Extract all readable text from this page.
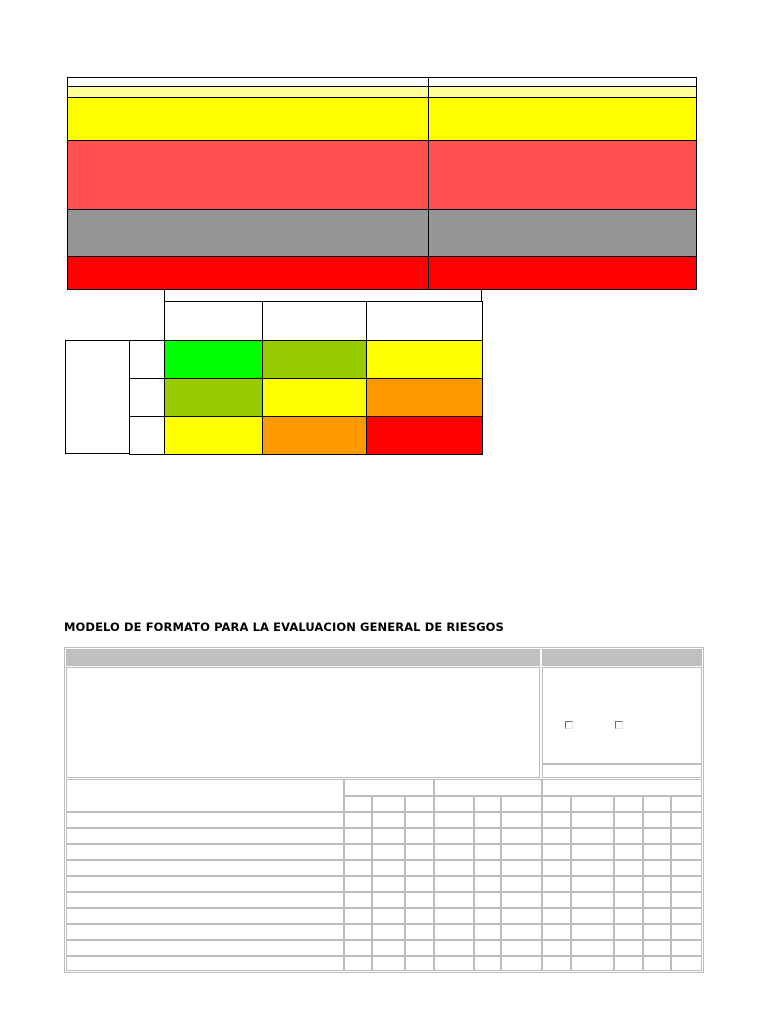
MODELO DE FORMATO PARA LA EVALUACION GENERAL DE RIESGOS
